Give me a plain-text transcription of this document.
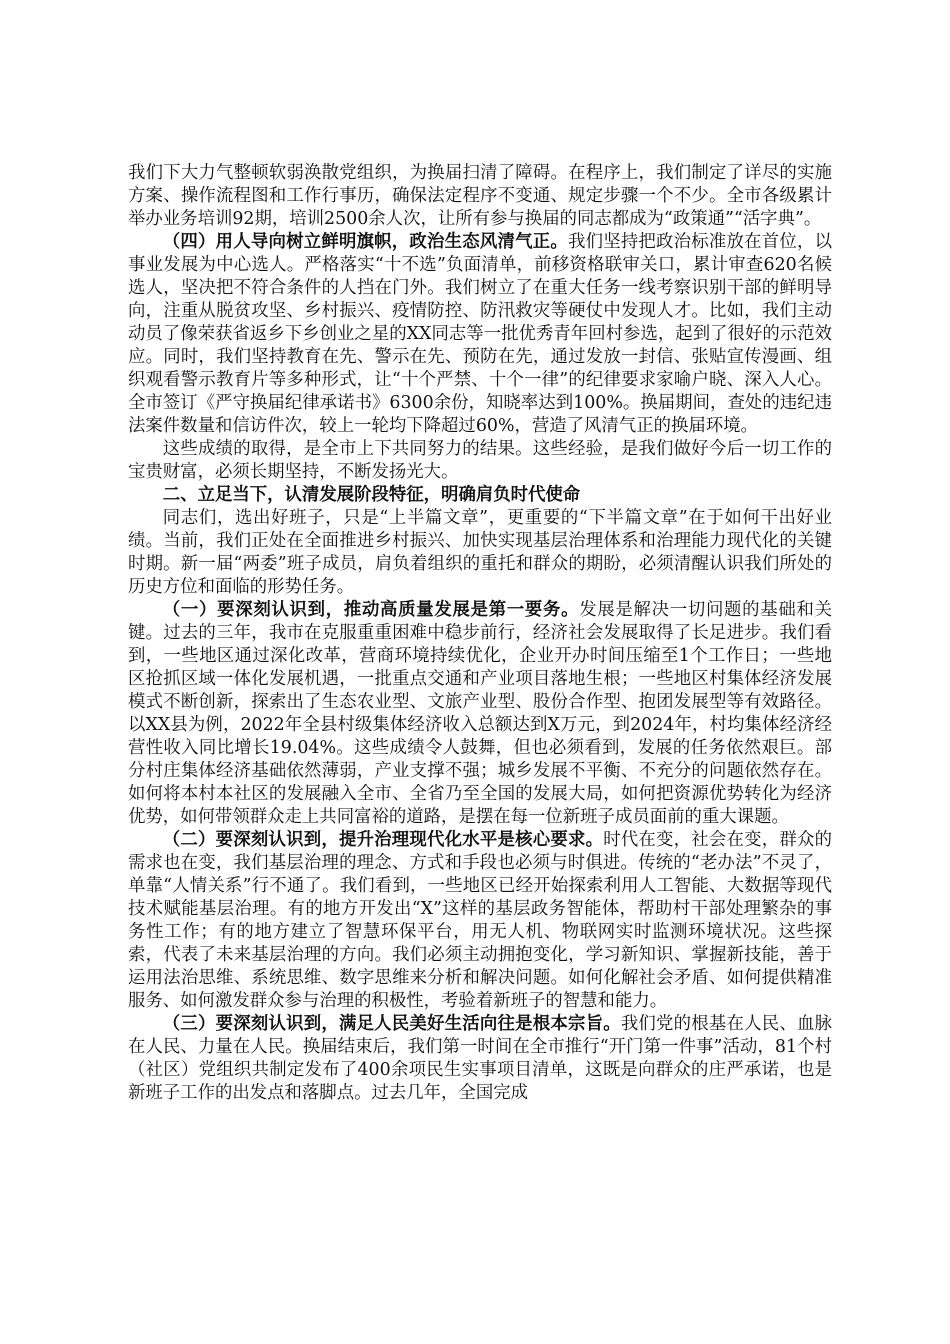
我们下大力气整顿软弱涣散党组织，为换届扫清了障碍。在程序上，我们制定了详尽的实施方案、操作流程图和工作行事历，确保法定程序不变通、规定步骤一个不少。全市各级累计举办业务培训92期，培训2500余人次，让所有参与换届的同志都成为“政策通”“活字典”。

（四）用人导向树立鲜明旗帜，政治生态风清气正。我们坚持把政治标准放在首位，以事业发展为中心选人。严格落实“十不选”负面清单，前移资格联审关口，累计审查620名候选人，坚决把不符合条件的人挡在门外。我们树立了在重大任务一线考察识别干部的鲜明导向，注重从脱贫攻坚、乡村振兴、疫情防控、防汛救灾等硬仗中发现人才。比如，我们主动动员了像荣获省返乡下乡创业之星的XX同志等一批优秀青年回村参选，起到了很好的示范效应。同时，我们坚持教育在先、警示在先、预防在先，通过发放一封信、张贴宣传漫画、组织观看警示教育片等多种形式，让“十个严禁、十个一律”的纪律要求家喻户晓、深入人心。全市签订《严守换届纪律承诺书》6300余份，知晓率达到100%。换届期间，查处的违纪违法案件数量和信访件次，较上一轮均下降超过60%，营造了风清气正的换届环境。

这些成绩的取得，是全市上下共同努力的结果。这些经验，是我们做好今后一切工作的宝贵财富，必须长期坚持，不断发扬光大。

二、立足当下，认清发展阶段特征，明确肩负时代使命

同志们，选出好班子，只是“上半篇文章”，更重要的“下半篇文章”在于如何干出好业绩。当前，我们正处在全面推进乡村振兴、加快实现基层治理体系和治理能力现代化的关键时期。新一届“两委”班子成员，肩负着组织的重托和群众的期盼，必须清醒认识我们所处的历史方位和面临的形势任务。

（一）要深刻认识到，推动高质量发展是第一要务。发展是解决一切问题的基础和关键。过去的三年，我市在克服重重困难中稳步前行，经济社会发展取得了长足进步。我们看到，一些地区通过深化改革，营商环境持续优化，企业开办时间压缩至1个工作日；一些地区抢抓区域一体化发展机遇，一批重点交通和产业项目落地生根；一些地区村集体经济发展模式不断创新，探索出了生态农业型、文旅产业型、股份合作型、抱团发展型等有效路径。以XX县为例，2022年全县村级集体经济收入总额达到X万元，到2024年，村均集体经济经营性收入同比增长19.04%。这些成绩令人鼓舞，但也必须看到，发展的任务依然艰巨。部分村庄集体经济基础依然薄弱，产业支撑不强；城乡发展不平衡、不充分的问题依然存在。如何将本村本社区的发展融入全市、全省乃至全国的发展大局，如何把资源优势转化为经济优势，如何带领群众走上共同富裕的道路，是摆在每一位新班子成员面前的重大课题。

（二）要深刻认识到，提升治理现代化水平是核心要求。时代在变，社会在变，群众的需求也在变，我们基层治理的理念、方式和手段也必须与时俱进。传统的“老办法”不灵了，单靠“人情关系”行不通了。我们看到，一些地区已经开始探索利用人工智能、大数据等现代技术赋能基层治理。有的地方开发出“X”这样的基层政务智能体，帮助村干部处理繁杂的事务性工作；有的地方建立了智慧环保平台，用无人机、物联网实时监测环境状况。这些探索，代表了未来基层治理的方向。我们必须主动拥抱变化，学习新知识、掌握新技能，善于运用法治思维、系统思维、数字思维来分析和解决问题。如何化解社会矛盾、如何提供精准服务、如何激发群众参与治理的积极性，考验着新班子的智慧和能力。

（三）要深刻认识到，满足人民美好生活向往是根本宗旨。我们党的根基在人民、血脉在人民、力量在人民。换届结束后，我们第一时间在全市推行“开门第一件事”活动，81个村（社区）党组织共制定发布了400余项民生实事项目清单，这既是向群众的庄严承诺，也是新班子工作的出发点和落脚点。过去几年，全国完成
